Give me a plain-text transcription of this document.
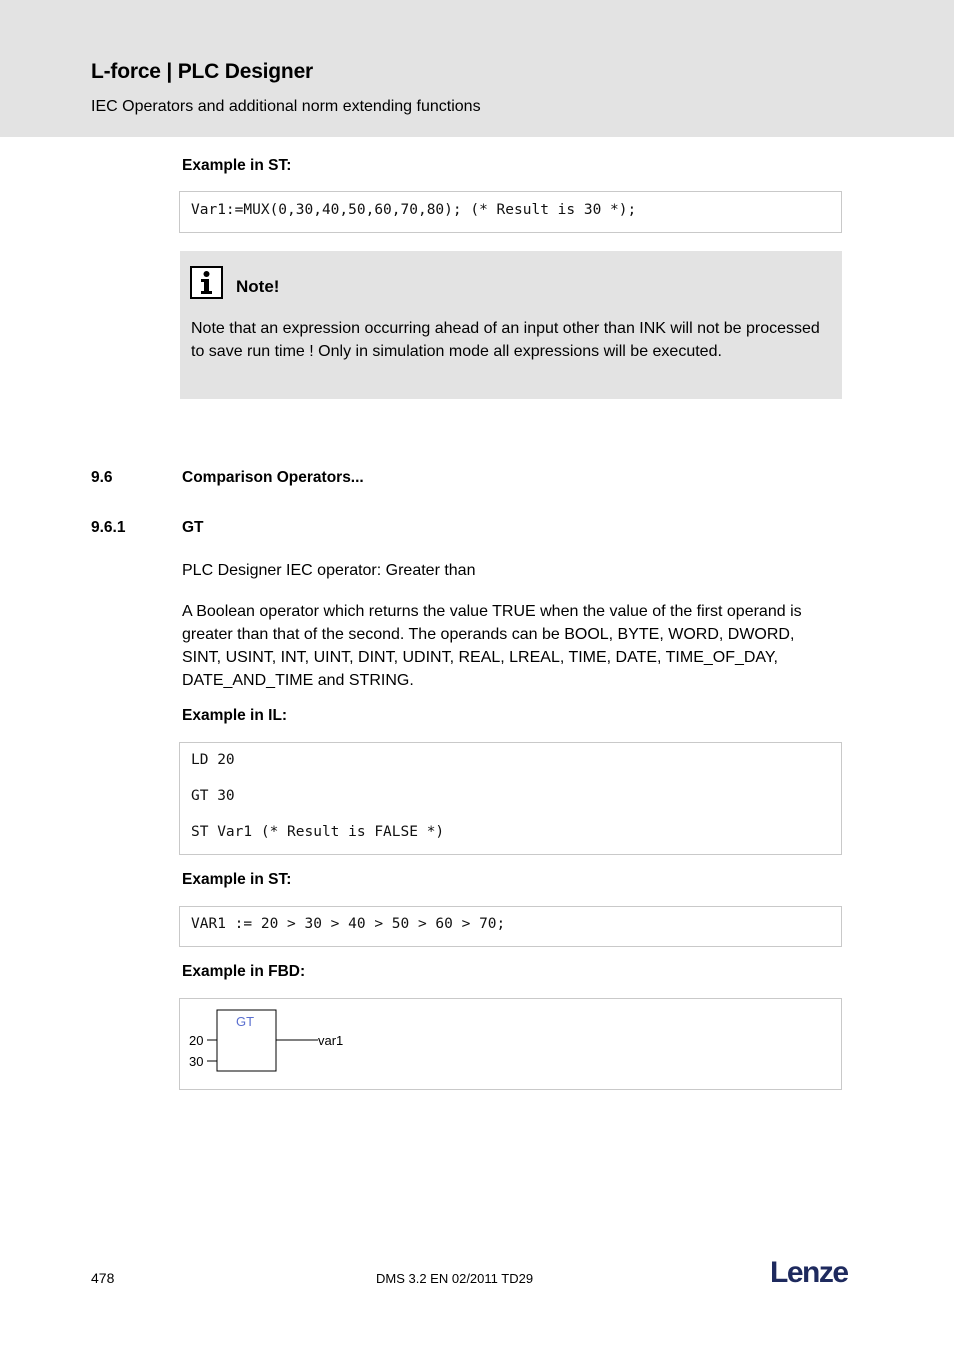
L-force | PLC Designer
IEC Operators and additional norm extending functions
Example in ST:
Var1:=MUX(0,30,40,50,60,70,80); (* Result is 30 *);
Note!
Note that an expression occurring ahead of an input other than INK will not be processed to save run time ! Only in simulation mode all expressions will be executed.
9.6	Comparison Operators...
9.6.1	GT
PLC Designer IEC operator: Greater than
A Boolean operator which returns the value TRUE when the value of the first operand is greater than that of the second. The operands can be BOOL, BYTE, WORD, DWORD, SINT, USINT, INT, UINT, DINT, UDINT, REAL, LREAL, TIME, DATE, TIME_OF_DAY, DATE_AND_TIME and STRING.
Example in IL:
LD 20
GT 30
ST Var1 (* Result is FALSE *)
Example in ST:
VAR1 := 20 > 30 > 40 > 50 > 60 > 70;
Example in FBD:
GT
20
30
var1
478	DMS 3.2 EN 02/2011 TD29	Lenze
